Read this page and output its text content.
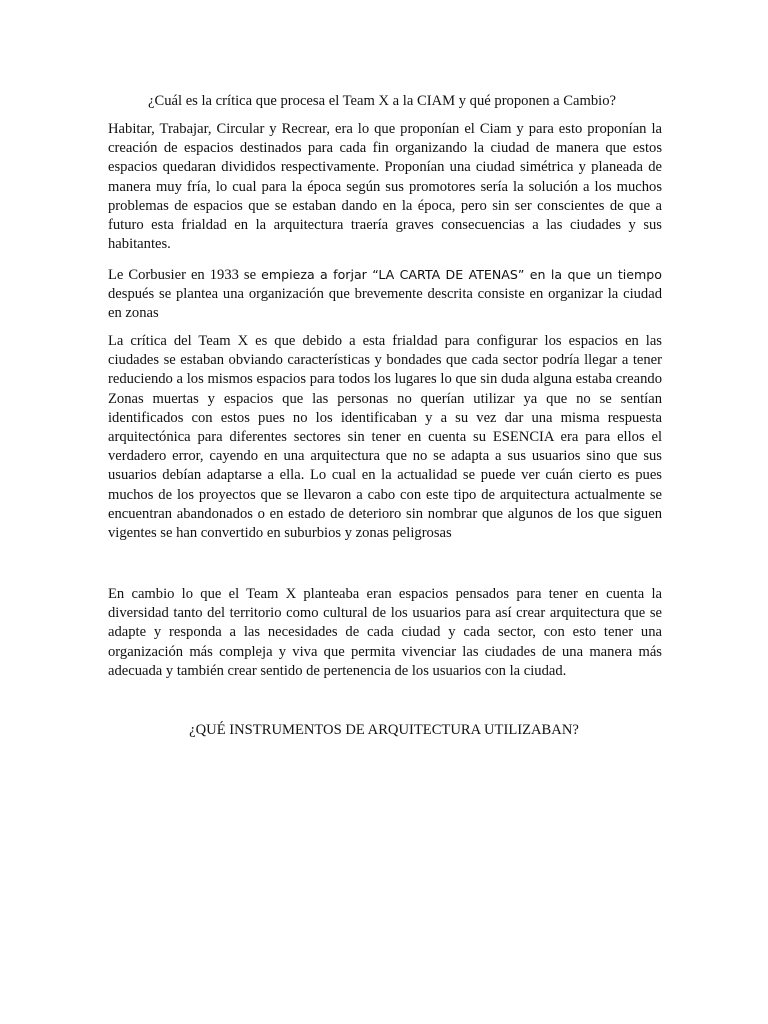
¿Cuál es la crítica que procesa el Team X a la CIAM y qué proponen a Cambio?

Habitar, Trabajar, Circular y Recrear, era lo que proponían el Ciam y para esto proponían la creación de espacios destinados para cada fin organizando la ciudad de manera que estos espacios quedaran divididos respectivamente. Proponían una ciudad simétrica y planeada de manera muy fría, lo cual para la época según sus promotores sería la solución a los muchos problemas de espacios que se estaban dando en la época, pero sin ser conscientes de que a futuro esta frialdad en la arquitectura traería graves consecuencias a las ciudades y sus habitantes.

Le Corbusier en 1933 se empieza a forjar “LA CARTA DE ATENAS” en la que un tiempo después se plantea una organización que brevemente descrita consiste en organizar la ciudad en zonas

La crítica del Team X es que debido a esta frialdad para configurar los espacios en las ciudades se estaban obviando características y bondades que cada sector podría llegar a tener reduciendo a los mismos espacios para todos los lugares lo que sin duda alguna estaba creando Zonas muertas y espacios que las personas no querían utilizar ya que no se sentían identificados con estos pues no los identificaban y a su vez dar una misma respuesta arquitectónica para diferentes sectores sin tener en cuenta su ESENCIA era para ellos el verdadero error, cayendo en una arquitectura que no se adapta a sus usuarios sino que sus usuarios debían adaptarse a ella. Lo cual en la actualidad se puede ver cuán cierto es pues muchos de los proyectos que se llevaron a cabo con este tipo de arquitectura actualmente se encuentran abandonados o en estado de deterioro sin nombrar que algunos de los que siguen vigentes se han convertido en suburbios y zonas peligrosas

En cambio lo que el Team X planteaba eran espacios pensados para tener en cuenta la diversidad tanto del territorio como cultural de los usuarios para así crear arquitectura que se adapte y responda a las necesidades de cada ciudad y cada sector, con esto tener una organización más compleja y viva que permita vivenciar las ciudades de una manera más adecuada y también crear sentido de pertenencia de los usuarios con la ciudad.

¿QUÉ INSTRUMENTOS DE ARQUITECTURA UTILIZABAN?
